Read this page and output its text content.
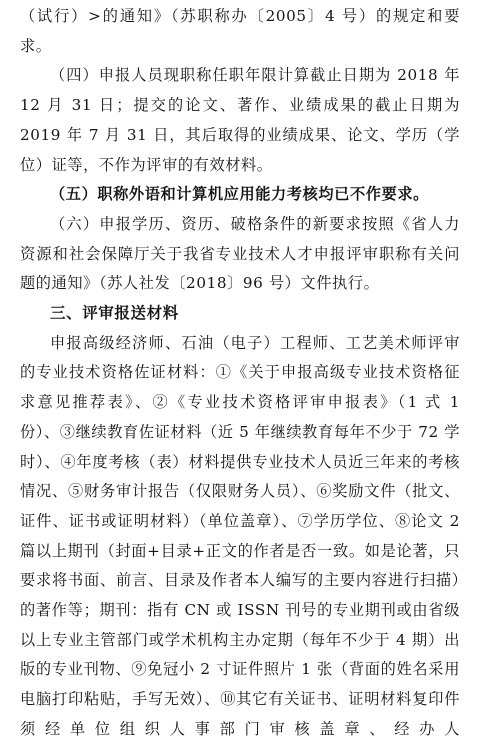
（试行）>的通知》（苏职称办〔2005〕4 号）的规定和要求。

（四）申报人员现职称任职年限计算截止日期为 2018 年 12 月 31 日；提交的论文、著作、业绩成果的截止日期为 2019 年 7 月 31 日，其后取得的业绩成果、论文、学历（学位）证等，不作为评审的有效材料。

（五）职称外语和计算机应用能力考核均已不作要求。

（六）申报学历、资历、破格条件的新要求按照《省人力资源和社会保障厅关于我省专业技术人才申报评审职称有关问题的通知》（苏人社发〔2018〕96 号）文件执行。

三、评审报送材料

申报高级经济师、石油（电子）工程师、工艺美术师评审的专业技术资格佐证材料：①《关于申报高级专业技术资格征求意见推荐表》、②《专业技术资格评审申报表》（1 式 1 份）、③继续教育佐证材料（近 5 年继续教育每年不少于 72 学时）、④年度考核（表）材料提供专业技术人员近三年来的考核情况、⑤财务审计报告（仅限财务人员）、⑥奖励文件（批文、证件、证书或证明材料）（单位盖章）、⑦学历学位、⑧论文 2 篇以上期刊（封面+目录+正文的作者是否一致。如是论著，只要求将书面、前言、目录及作者本人编写的主要内容进行扫描）的著作等；期刊：指有 CN 或 ISSN 刊号的专业期刊或由省级以上专业主管部门或学术机构主办定期（每年不少于 4 期）出版的专业刊物、⑨免冠小 2 寸证件照片 1 张（背面的姓名采用电脑打印粘贴，手写无效）、⑩其它有关证书、证明材料复印件须经单位组织人事部门审核盖章、经办人
